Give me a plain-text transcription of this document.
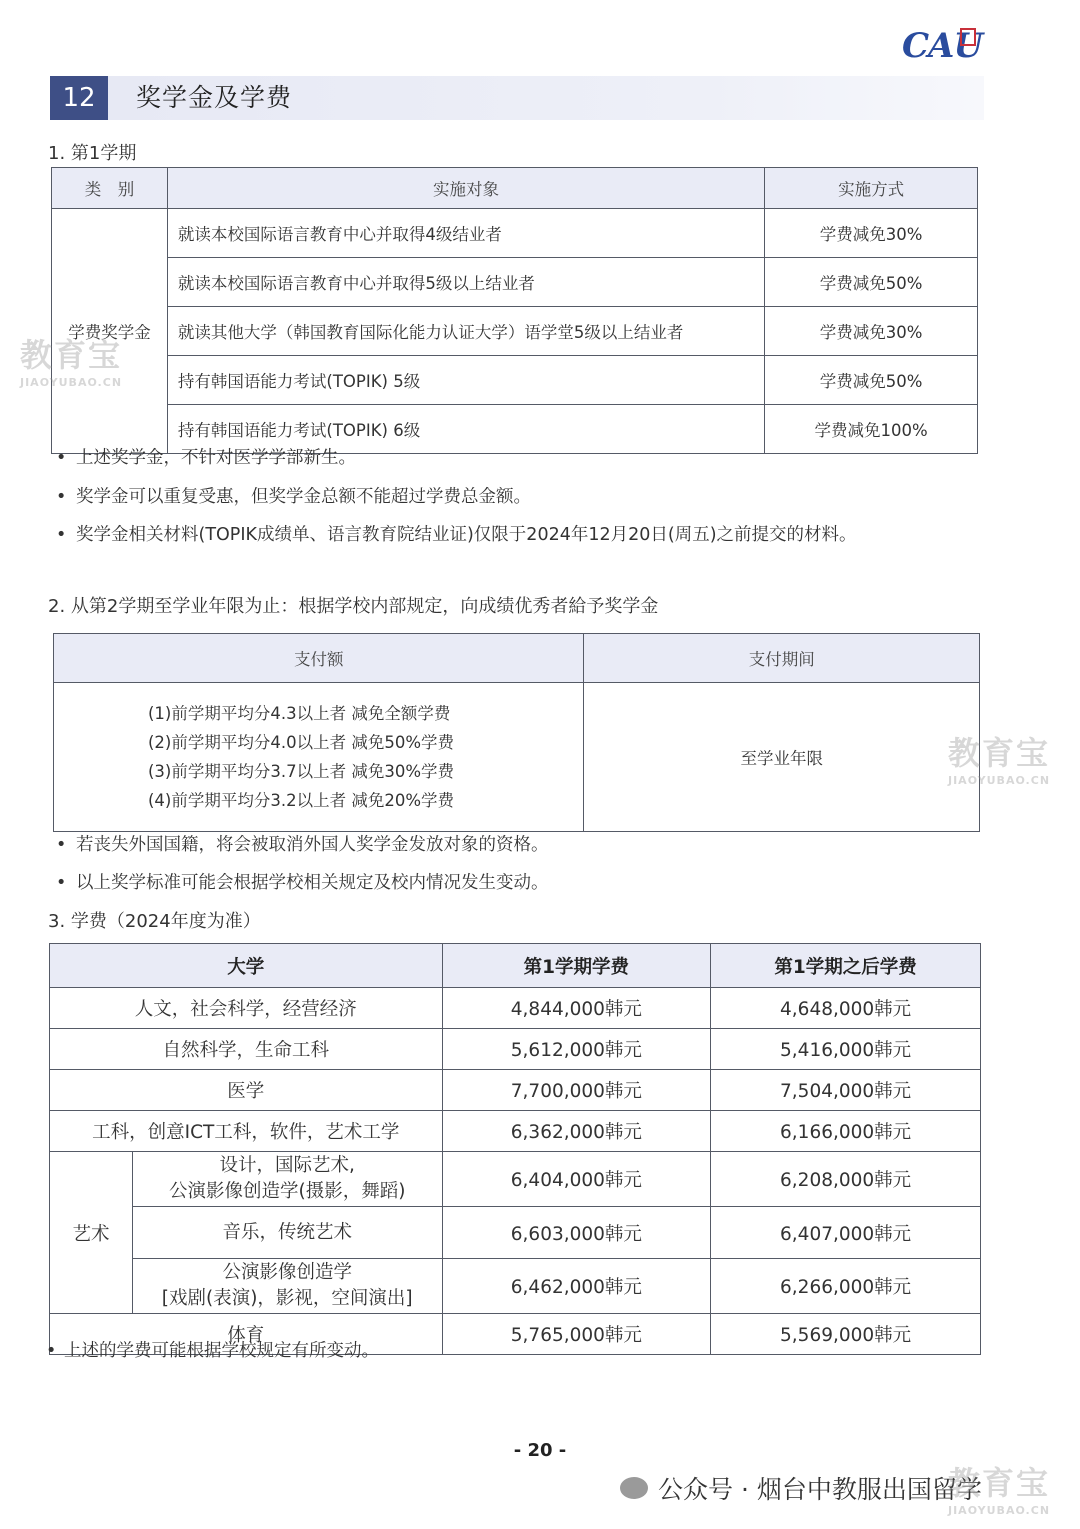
CAU
12	奖学金及学费
1. 第1学期
类　别	实施对象	实施方式
学费奖学金	就读本校国际语言教育中心并取得4级结业者	学费减免30%
	就读本校国际语言教育中心并取得5级以上结业者	学费减免50%
	就读其他大学（韩国教育国际化能力认证大学）语学堂5级以上结业者	学费减免30%
	持有韩国语能力考试(TOPIK) 5级	学费减免50%
	持有韩国语能力考试(TOPIK) 6级	学费减免100%
• 上述奖学金，不针对医学学部新生。
• 奖学金可以重复受惠，但奖学金总额不能超过学费总金额。
• 奖学金相关材料(TOPIK成绩单、语言教育院结业证)仅限于2024年12月20日(周五)之前提交的材料。
2. 从第2学期至学业年限为止：根据学校内部规定，向成绩优秀者給予奖学金
支付额	支付期间

(1)前学期平均分4.3以上者 减免全额学费
(2)前学期平均分4.0以上者 减免50%学费
(3)前学期平均分3.7以上者 减免30%学费
(4)前学期平均分3.2以上者 减免20%学费	至学业年限
• 若丧失外国国籍，将会被取消外国人奖学金发放对象的资格。
• 以上奖学标准可能会根据学校相关规定及校内情况发生变动。
3. 学费（2024年度为准）
大学		第1学期学费	第1学期之后学费
人文，社会科学，经营经济		4,844,000韩元	4,648,000韩元
自然科学，生命工科		5,612,000韩元	5,416,000韩元
医学		7,700,000韩元	7,504,000韩元
工科，创意ICT工科，软件，艺术工学		6,362,000韩元	6,166,000韩元
艺术	设计，国际艺术,
公演影像创造学(摄影，舞蹈)	6,404,000韩元	6,208,000韩元

	音乐，传统艺术	6,603,000韩元	6,407,000韩元

	公演影像创造学
[戏剧(表演)，影视，空间演出]	6,462,000韩元	6,266,000韩元
体育		5,765,000韩元	5,569,000韩元
• 上述的学费可能根据学校规定有所变动。
- 20 -
公众号 · 烟台中教服出国留学
教育宝
JIAOYUBAO.CN
教育宝
JIAOYUBAO.CN
教育宝
JIAOYUBAO.CN
